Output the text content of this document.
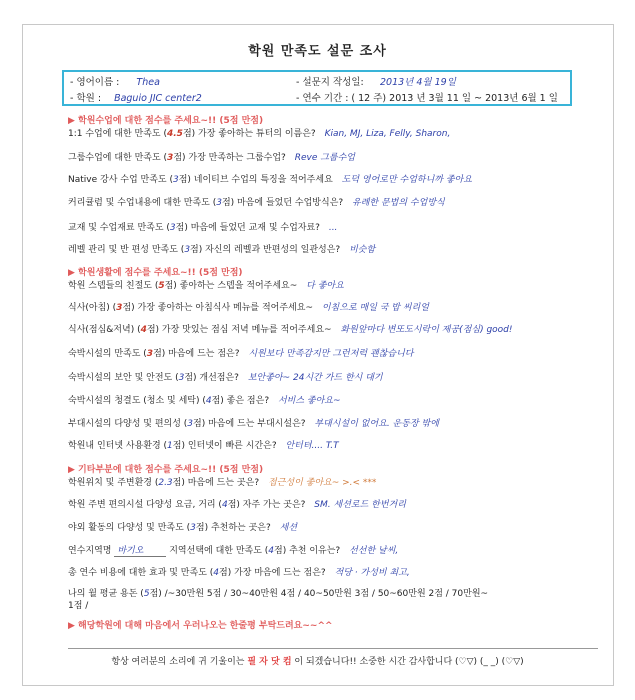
학원 만족도 설문 조사
- 영어이름 : Thea	- 설문지 작성일: 2013년 4월 19일
- 학원 : Baguio JIC center2	- 연수 기간 : ( 12 주) 2013 년 3월 11 일 ~ 2013년 6월 1 일
▶ 학원수업에 대한 점수를 주세요~!! (5점 만점)
1:1 수업에 대한 만족도 (4.5점) 가장 좋아하는 튜터의 이름은? Kian, MJ, Liza, Felly, Sharon,
그룹수업에 대한 만족도 (3점) 가장 만족하는 그룹수업? Reve 그룹수업
Native 강사 수업 만족도 (3점) 네이티브 수업의 특징을 적어주세요 도덕 영어로만 수업하니까 좋아요
커리큘럼 및 수업내용에 대한 만족도 (3점) 마음에 들었던 수업방식은? 유례한 문법의 수업방식
교재 및 수업재료 만족도 (3점) 마음에 들었던 교재 및 수업자료? ...
레벨 관리 및 반 편성 만족도 (3점) 자신의 레벨과 반편성의 일관성은? 비슷함
▶ 학원생활에 점수를 주세요~!! (5점 만점)
학원 스텝들의 친절도 (5점) 좋아하는 스텝을 적어주세요~ 다 좋아요
식사(아침) (3점) 가장 좋아하는 아침식사 메뉴를 적어주세요~ 이침으로 매일 국 밥 씨리얼
식사(점심&저녁) (4점) 가장 맛있는 점심 저녁 메뉴를 적어주세요~ 화원앞마다 변또도시락이 제공(점심) good!
숙박시설의 만족도 (3점) 마음에 드는 점은? 시원보다 만족감지만 그런저럭 괜찮습니다
숙박시설의 보안 및 안전도 (3점) 개선점은? 보안좋아~ 24시간 가드 한시 대기
숙박시설의 청결도 (청소 및 세탁) (4점) 좋은 점은? 서비스 좋아요~
부대시설의 다양성 및 편의성 (3점) 마음에 드는 부대시설은? 부대시설이 없어요. 운동장 밖에
학원내 인터넷 사용환경 (1점) 인터넷이 빠른 시간은? 안터텨.... T.T
▶ 기타부분에 대한 점수를 주세요~!! (5점 만점)
학원위치 및 주변환경 (2.3점) 마음에 드는 곳은? 접근성이 좋아요~ >.< ***
학원 주변 편의시설 다양성 요금, 거리 (4점) 자주 가는 곳은? SM. 세션로드 한번거리
야외 활동의 다양성 및 만족도 (3점) 추천하는 곳은? 세션
연수지역명 바기오	지역선택에 대한 만족도 (4점) 추천 이유는? 선선한 날씨,
총 연수 비용에 대한 효과 및 만족도 (4점) 가장 마음에 드는 점은? 적당 · 가성비 최고,
나의 월 평균 용돈 (5점) /~30만원 5점 / 30~40만원 4점 / 40~50만원 3점 / 50~60만원 2점 / 70만원~
1점 /
▶ 해당학원에 대해 마음에서 우러나오는 한줄평 부탁드려요~~^^
항상 여러분의 소리에 귀 기울이는 필 자 닷 컴 이 되겠습니다!! 소중한 시간 감사합니다 (♡▽) (_ _) (♡▽)
